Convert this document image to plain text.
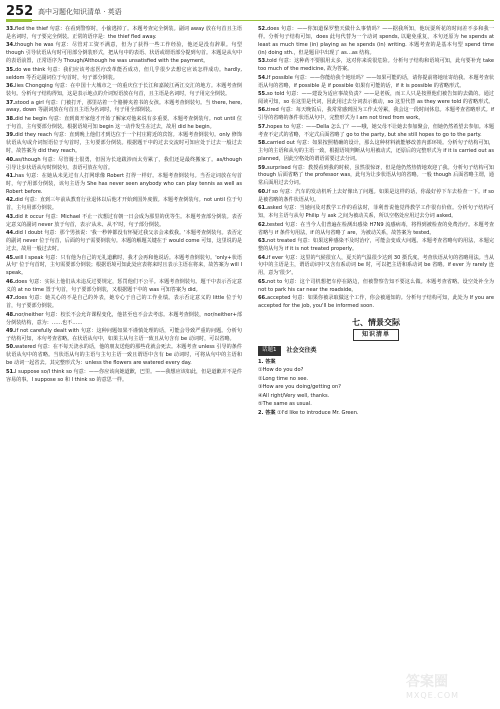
252 高中习题化知识清单 · 英语
33.fled the thief 句意：在看到警察时，小偷逃掉了。本题考查完全倒装。副词 away 放在句首且主语是名词时，句子要完全倒装。正常的语序是：the thief fled away.
34.though he was 句意：尽管对工资不满意，但为了获得一些工作经验，他还是没有辞职。句型 though 引导状语从句时可用部分倒装形式，把从句中的表语、状语或谓语部分提到句首。本题是从句中的表语前置，正常语序为 Though/Although he was unsatisfied with the payment。
35.do we think 句意：我们应该考虑医疗改革能否成功，但几乎很少去想它应该怎样成功。hardly, seldom 等否定副词位于句首时，句子部分倒装。
36.lies Chongqing 句意：在中国十大城市之一的重庆位于长江和嘉陵江两江交汇的地方。本题考查倒装句。分析句子结构得知，这是表示地点的介词短语放在句首，且主语是名词时，句子用完全倒装。
37.stood a girl 句意：门被打开，那里站着一个胳膊夹着书的女孩。本题考查倒装句。当 there, here, away, down 等副词放在句首且主语为名词时，句子用全部倒装。
38.did he begin 句意：直到离开家他才开始了解家对他来说有多重要。本题考查倒装句。not until 位于句首，主句要部分倒装。根据语境可知 begin 这一动作发生在过去，故用 did he begin。
39.did they reach 句意：直到晚上他们才到达位于一个村庄附近的宾馆。本题考查倒装句。only 修饰状语从句或介词短语位于句首时，主句要部分倒装。根据题干中的过去交流时可知应处于过去一般过去时，故答案为 did they reach。
40.as/though 句意：尽管骑士很勇，但因为长途跋涉而太劳累了，我们还是最终搬家了。as/though 引导让步状语从句时倒装句，表语可放在句首。
41.has 句意：在她从未见过有人打网球像 Robert 打得一样好。本题考查倒装句。当否定词放在句首时，句子用部分倒装，该句主语为 She has never seen anybody who can play tennis as well as Robert before.
42.did 句意：直到三年前从教育行业退休以后他才开始到国外度假。本题考查倒装句。not until 位于句首，主句用部分倒装。
43.did it occur 句意：Michael 不止一次想过有朝一日会成为那里的优等生。本题考查部分倒装。表否定意义的副词 never 放于句首，表示'从未、从不'时，句子部分倒装。
44.did I doubt 句意：那个男孩说：'我一秒钟都没有怀疑过我父亲会来救我。'本题考查倒装句。表否定的副词 never 位于句首，后面的句子需要倒装句。本题的解题关键在于 would come 可知，这里说的是过去，故用一般过去时。
45.will I speak 句意：只有他为自己的无礼道歉时，我才会再和他说话。本题考查倒装句。'only+状语从句' 位于句首时，主句需要部分倒装；根据语境可知此处应表将来时且表示主语在将来，故答案为 will I speak。
46.does 句意：实际上他们从未违反过要规定，惩罚他们不公平。本题考查倒装句。题干中表示否定意义的 at no time 置于句首，句子要部分倒装，又根据题干中的 was 可知答案为 did。
47.does 句意：她关心的不是自己的外表，她专心于自己的工作业绩。表示否定意义的 little 位于句首，句子要部分倒装。
48.nor/neither 句意：校长不会允许课程变化，他甚至也不会去考虑。本题考查倒装，nor/neither+部分倒装结构，意为：……也不……
49.if not carefully dealt with 句意：这种问题如果不谨慎处理的话，可能会导致严重的问题。分析句子结构可知，本句考查省略。在状语从句中，如果主从句主语一致且从句含有 be 动词时，可以省略。
50.watered 句意：在不每天浇水的话，他的朋友送他的那些花就会死去。本题考查 unless 引导的条件状语从句中的省略。当状语从句的主语与主句主语一致且谓语中含有 be 动词时，可将从句中的主语和 be 动词一起省去。其完整形式为：unless the flowers are watered every day.
51.I suppose so/I think so 句意：——你应该向她道歉，巴里。——我想应该如此，但是道歉并不是件容易的事。I suppose so 和 I think so 的意思一样。
52.does 句意：——你知道保罗整天做什么事情吗？——据我所知，他玩耍所花的时间差不多和我一样。分析句子结构可知，does 此句代替为一个动词 spends, 以避免重复，本句还原为 he spends at least as much time (in) playing as he spends (in) writing. 本题考查的是基本句型 spend time (in) doing sth.，但是题目中出现了 as…as 结构。
53.told 句意：这种药不要服用太多，这对你来说很危险。分析句子结构和语境可知，此句要补充 take too much of the medicine, 故为答案。
54.If possible 句意：——你能给我个地址吗？——如果可能的话，请你提前将地址寄给我。本题考查状语从句的省略，if possible 是 if possible 如果有可能的话，if it is possible 的省略形式。
55.so told 句意：——建设为适应事故负责？——是老板，而工人只是按照他们被告知的去做的。通过阅读可知，so 在这里是代词，因此用过去分词表示被动，so 这里代替 as they were told 的省略形式。
56.tired 句意：每天晚饭后，我常常感到因为工作太劳累，我会这一段时间休息。本题考查省略形式。if 引导的省略的条件状语从句中，完整形式为 I am not tired from work。
57.hopes to 句意：——Della 怎么了？——哦，她父母不让她去参加聚会，但她仍然希望去参加。本题考查不定式的省略，不定式后面省略了 go to the party, but she still hopes to go to the party.
58.carried out 句意：如果按照精确的设计，那么这种材料就能够改善内部环境。分析句子结构可知，主句的主语和从句的主语一致，根据语境判断从句用被动式，还原后的完整形式为 if it is carried out as planned，因此空格处的谓语需要过去分词。
59.surprised 句意：教授看到我的时候，虽然很惊讶，但是他仍然热情地欢迎了我。分析句子结构可知 though 后面省略了 the professor was，此句为让步状语从句的省略。一般 though 后面省略主谓，通常后面用过去分词。
60.If so 句意：汽车的发动机听上去好像出了问题。如果是这样的话，你最好停下车去检查一下。if so 是被省略的条件状语从句。
61.asked 句意：当她问及对教学工作的看法时，菲利普说他觉得教学工作很有价值。分析句子结构可知，本句主语与从句 Philip 与 ask 之间为被动关系，所以空格处应用过去分词 asked。
62.tested 句意：在当今人们普遍在检测出感染 H7N9 流感病毒，将得到被检查的免费治疗。本题考查省略与 if 条件句用法，if 的从句省略了 are，为被动关系，故答案为 tested。
63.not treated 句意：如果这种感染不及时治疗，可能会变成大问题。本题考查省略句的用法，本题完整的从句为 if it is not treated properly。
64.if ever 句意：这里的气候很宜人，夏天的气温很少达到 30 摄氏度。考查状语从句的省略用法。当从句中的主语是主，谓语动词中又含有系动词 be 时，可以把主语和系动词 be 省略。if ever 为 rarely 连用，意为'很少'。
65.not to 句意：这个司机想把车停在路边，但被警察告知不要这么做。本题考查省略。设空处补全为 not to park his car near the roadside。
66.accepted 句意：如果你被录取做这个工作，你会被通知的。分析句子结构可知，此处为 If you are accepted for the job, you'll be informed soon.
七、情景交际
知识清单
话题1	社会交往类
1. 答案
①How do you do?
②Long time no see.
③How are you doing/getting on?
④All right/Very well, thanks.
⑤The same as usual.
2. 答案 ①I'd like to introduce Mr. Green.
答案圈
MXQE.COM
